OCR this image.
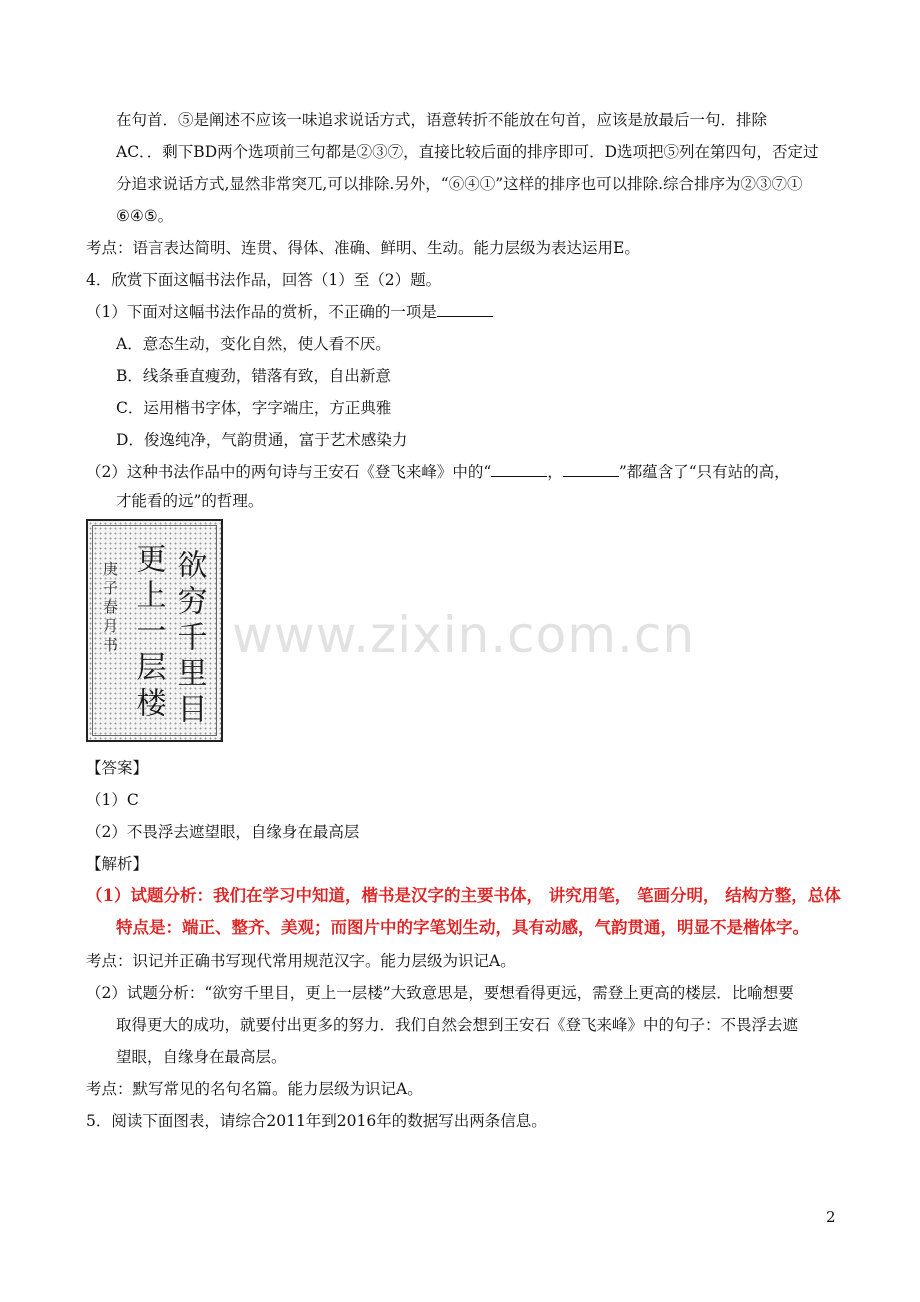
在句首．⑤是阐述不应该一味追求说话方式，语意转折不能放在句首，应该是放最后一句．排除
AC．．剩下BD两个选项前三句都是②③⑦，直接比较后面的排序即可．D选项把⑤列在第四句，否定过
分追求说话方式,显然非常突兀,可以排除.另外，“⑥④①”这样的排序也可以排除.综合排序为②③⑦①
⑥④⑤。
考点：语言表达简明、连贯、得体、准确、鲜明、生动。能力层级为表达运用E。
4．欣赏下面这幅书法作品，回答（1）至（2）题。
（1）下面对这幅书法作品的赏析，不正确的一项是
A．意态生动，变化自然，使人看不厌。
B．线条垂直瘦劲，错落有致，自出新意
C．运用楷书字体，字字端庄，方正典雅
D．俊逸纯净，气韵贯通，富于艺术感染力
（2）这种书法作品中的两句诗与王安石《登飞来峰》中的“	，	”都蕴含了“只有站的高，
才能看的远”的哲理。
欲穷千里目
更上一层楼
庚子春月书 www.zixin.com.cn
【答案】
（1）C
（2）不畏浮去遮望眼，自缘身在最高层
【解析】
（1）试题分析：我们在学习中知道，楷书是汉字的主要书体， 讲究用笔， 笔画分明， 结构方整，总体
特点是：端正、整齐、美观；而图片中的字笔划生动，具有动感，气韵贯通，明显不是楷体字。
考点：识记并正确书写现代常用规范汉字。能力层级为识记A。
（2）试题分析：“欲穷千里目，更上一层楼”大致意思是，要想看得更远，需登上更高的楼层．比喻想要
取得更大的成功，就要付出更多的努力．我们自然会想到王安石《登飞来峰》中的句子：不畏浮去遮
望眼，自缘身在最高层。
考点：默写常见的名句名篇。能力层级为识记A。
5．阅读下面图表，请综合2011年到2016年的数据写出两条信息。
2
